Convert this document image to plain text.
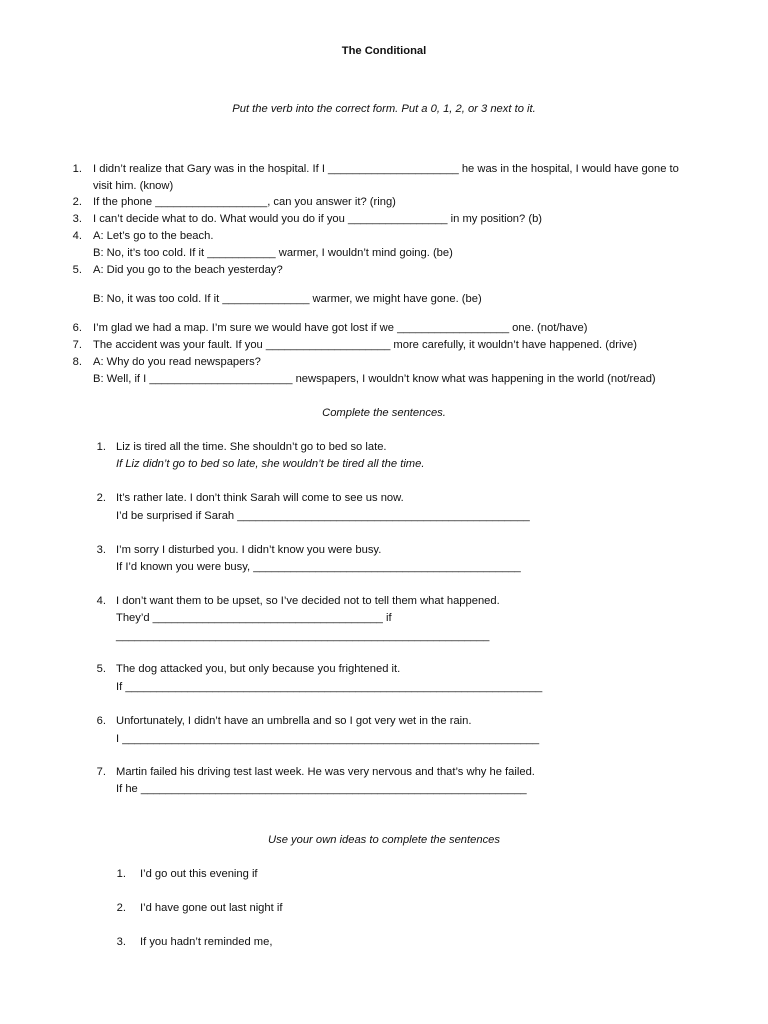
The Conditional
Put the verb into the correct form. Put a 0, 1, 2, or 3 next to it.
1. I didn’t realize that Gary was in the hospital. If I _____________________ he was in the hospital, I would have gone to
visit him. (know)
2. If the phone __________________, can you answer it? (ring)
3. I can’t decide what to do. What would you do if you ________________ in my position? (b)
4. A: Let’s go to the beach.
B: No, it’s too cold. If it ___________ warmer, I wouldn’t mind going. (be)
5. A: Did you go to the beach yesterday?
B: No, it was too cold. If it ______________ warmer, we might have gone. (be)
6. I’m glad we had a map. I’m sure we would have got lost if we __________________ one. (not/have)
7. The accident was your fault. If you ____________________ more carefully, it wouldn’t have happened. (drive)
8. A: Why do you read newspapers?
B: Well, if I _______________________ newspapers, I wouldn’t know what was happening in the world (not/read)
Complete the sentences.
1. Liz is tired all the time. She shouldn’t go to bed so late.
If Liz didn’t go to bed so late, she wouldn’t be tired all the time.
2. It’s rather late. I don’t think Sarah will come to see us now.
I’d be surprised if Sarah _______________________________________________
3. I’m sorry I disturbed you. I didn’t know you were busy.
If I’d known you were busy, ___________________________________________
4. I don’t want them to be upset, so I’ve decided not to tell them what happened.
They’d _____________________________________ if
____________________________________________________________
5. The dog attacked you, but only because you frightened it.
If ___________________________________________________________________
6. Unfortunately, I didn’t have an umbrella and so I got very wet in the rain.
I ___________________________________________________________________
7. Martin failed his driving test last week. He was very nervous and that’s why he failed.
If he ______________________________________________________________
Use your own ideas to complete the sentences
1. I’d go out this evening if
2. I’d have gone out last night if
3. If you hadn’t reminded me,
